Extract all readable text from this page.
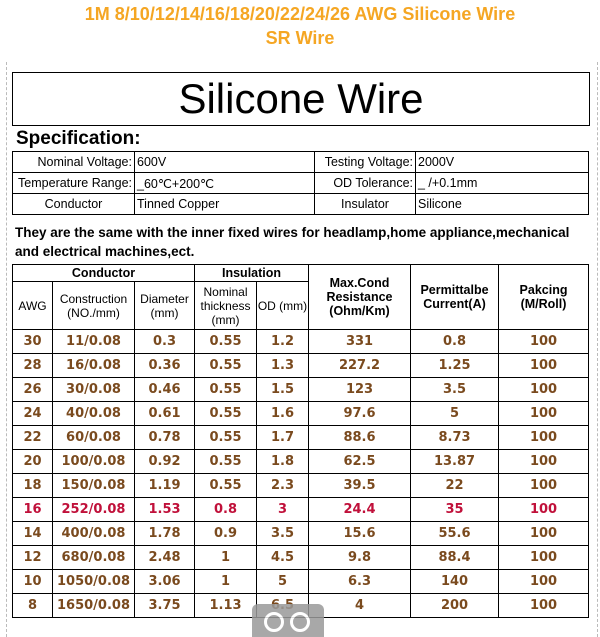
1M 8/10/12/14/16/18/20/22/24/26 AWG Silicone Wire
SR Wire
Silicone Wire
Specification:
Nominal Voltage:	600V	Testing Voltage:	2000V
Temperature Range:	_60℃+200℃	OD Tolerance:	_ /+0.1mm
Conductor	Tinned Copper	Insulator	Silicone
They are the same with the inner fixed wires for headlamp,home appliance,mechanical and electrical machines,ect.
Conductor			Insulation		Max.Cond Resistance (Ohm/Km)	Permittalbe Current(A)	Pakcing (M/Roll)
AWG	Construction (NO./mm)	Diameter (mm)	Nominal thickness (mm)	OD (mm)			
30	11/0.08	0.3	0.55	1.2	331	0.8	100
28	16/0.08	0.36	0.55	1.3	227.2	1.25	100
26	30/0.08	0.46	0.55	1.5	123	3.5	100
24	40/0.08	0.61	0.55	1.6	97.6	5	100
22	60/0.08	0.78	0.55	1.7	88.6	8.73	100
20	100/0.08	0.92	0.55	1.8	62.5	13.87	100
18	150/0.08	1.19	0.55	2.3	39.5	22	100
16	252/0.08	1.53	0.8	3	24.4	35	100
14	400/0.08	1.78	0.9	3.5	15.6	55.6	100
12	680/0.08	2.48	1	4.5	9.8	88.4	100
10	1050/0.08	3.06	1	5	6.3	140	100
8	1650/0.08	3.75	1.13		4	200	100
